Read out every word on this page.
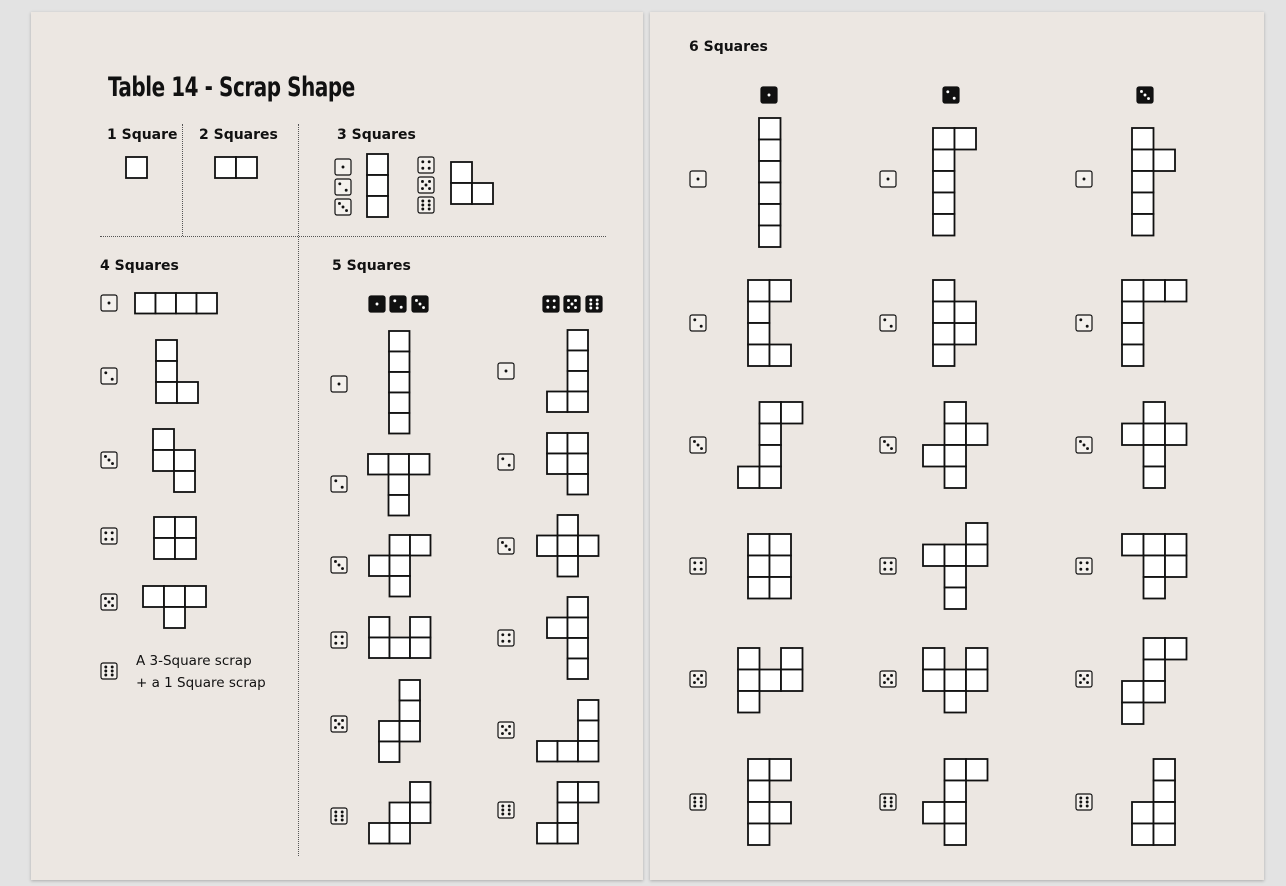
Table 14 - Scrap Shape
1 Square 2 Squares	3 Squares
4 Squares	5 Squares
6 Squares
A 3-Square scrap
+ a 1 Square scrap
